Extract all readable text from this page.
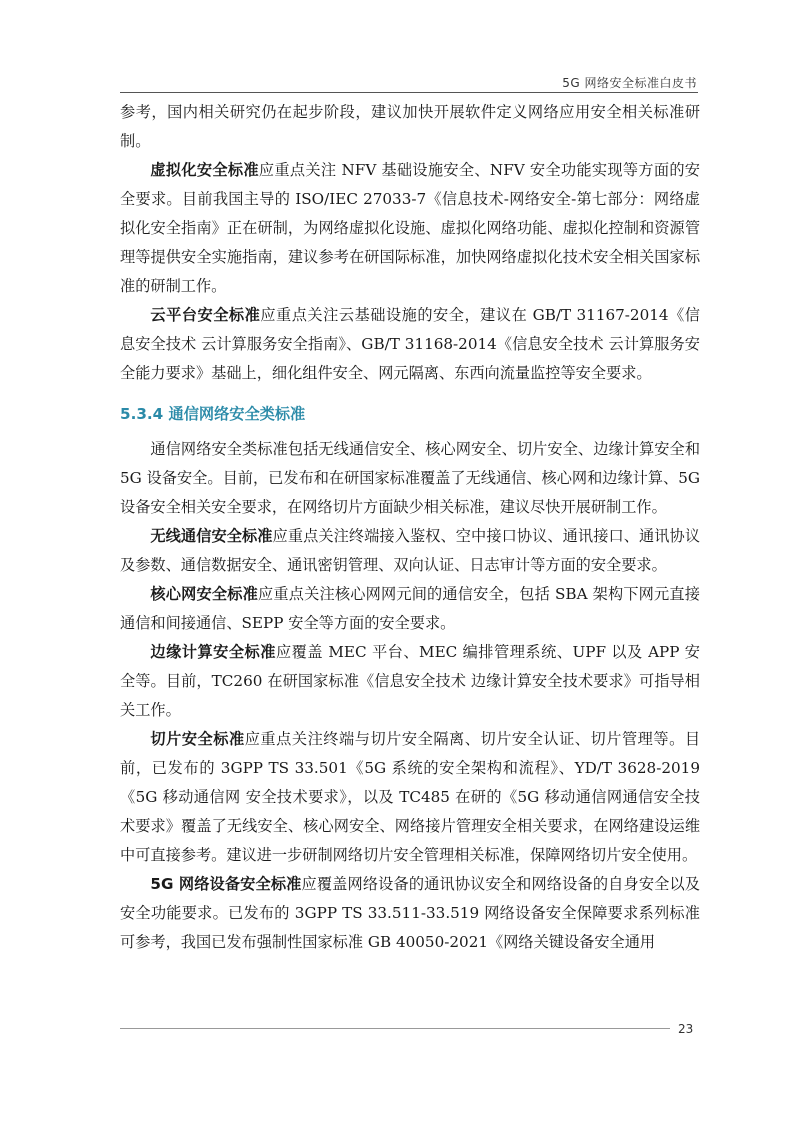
5G 网络安全标准白皮书

参考，国内相关研究仍在起步阶段，建议加快开展软件定义网络应用安全相关标准研制。

虚拟化安全标准应重点关注 NFV 基础设施安全、NFV 安全功能实现等方面的安全要求。目前我国主导的 ISO/IEC 27033-7《信息技术-网络安全-第七部分：网络虚拟化安全指南》正在研制，为网络虚拟化设施、虚拟化网络功能、虚拟化控制和资源管理等提供安全实施指南，建议参考在研国际标准，加快网络虚拟化技术安全相关国家标准的研制工作。

云平台安全标准应重点关注云基础设施的安全，建议在 GB/T 31167-2014《信息安全技术 云计算服务安全指南》、GB/T 31168-2014《信息安全技术 云计算服务安全能力要求》基础上，细化组件安全、网元隔离、东西向流量监控等安全要求。

5.3.4 通信网络安全类标准

通信网络安全类标准包括无线通信安全、核心网安全、切片安全、边缘计算安全和 5G 设备安全。目前，已发布和在研国家标准覆盖了无线通信、核心网和边缘计算、5G 设备安全相关安全要求，在网络切片方面缺少相关标准，建议尽快开展研制工作。

无线通信安全标准应重点关注终端接入鉴权、空中接口协议、通讯接口、通讯协议及参数、通信数据安全、通讯密钥管理、双向认证、日志审计等方面的安全要求。

核心网安全标准应重点关注核心网网元间的通信安全，包括 SBA 架构下网元直接通信和间接通信、SEPP 安全等方面的安全要求。

边缘计算安全标准应覆盖 MEC 平台、MEC 编排管理系统、UPF 以及 APP 安全等。目前，TC260 在研国家标准《信息安全技术 边缘计算安全技术要求》可指导相关工作。

切片安全标准应重点关注终端与切片安全隔离、切片安全认证、切片管理等。目前，已发布的 3GPP TS 33.501《5G 系统的安全架构和流程》、YD/T 3628-2019《5G 移动通信网 安全技术要求》，以及 TC485 在研的《5G 移动通信网通信安全技术要求》覆盖了无线安全、核心网安全、网络接片管理安全相关要求，在网络建设运维中可直接参考。建议进一步研制网络切片安全管理相关标准，保障网络切片安全使用。

5G 网络设备安全标准应覆盖网络设备的通讯协议安全和网络设备的自身安全以及安全功能要求。已发布的 3GPP TS 33.511-33.519 网络设备安全保障要求系列标准可参考，我国已发布强制性国家标准 GB 40050-2021《网络关键设备安全通用

23
